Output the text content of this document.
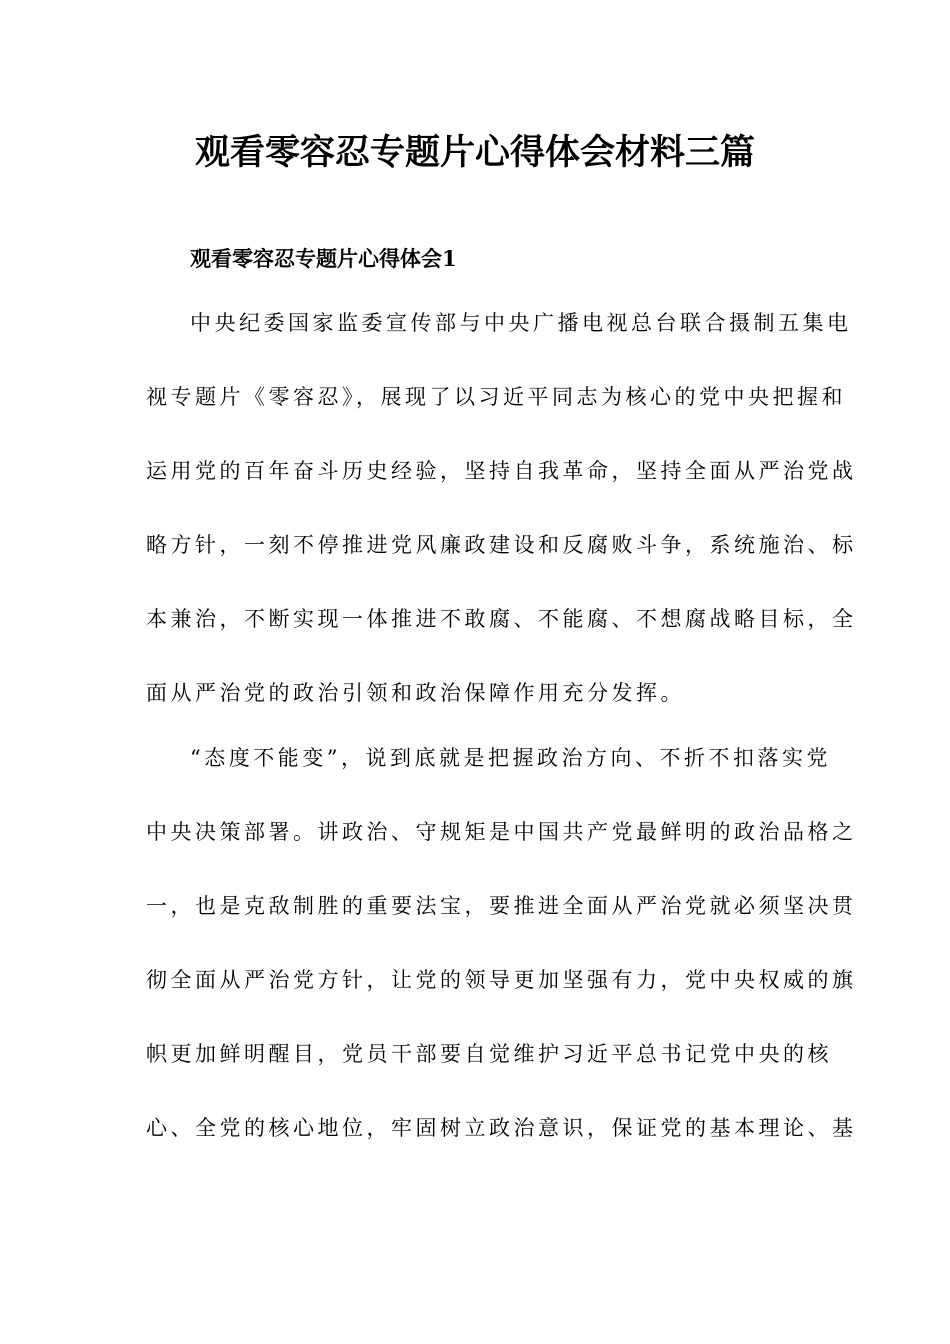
观看零容忍专题片心得体会材料三篇
观看零容忍专题片心得体会1

中央纪委国家监委宣传部与中央广播电视总台联合摄制五集电

视专题片《零容忍》，展现了以习近平同志为核心的党中央把握和

运用党的百年奋斗历史经验，坚持自我革命，坚持全面从严治党战

略方针，一刻不停推进党风廉政建设和反腐败斗争，系统施治、标

本兼治，不断实现一体推进不敢腐、不能腐、不想腐战略目标，全

面从严治党的政治引领和政治保障作用充分发挥。

“态度不能变”，说到底就是把握政治方向、不折不扣落实党

中央决策部署。讲政治、守规矩是中国共产党最鲜明的政治品格之

一，也是克敌制胜的重要法宝，要推进全面从严治党就必须坚决贯

彻全面从严治党方针，让党的领导更加坚强有力，党中央权威的旗

帜更加鲜明醒目，党员干部要自觉维护习近平总书记党中央的核

心、全党的核心地位，牢固树立政治意识，保证党的基本理论、基
